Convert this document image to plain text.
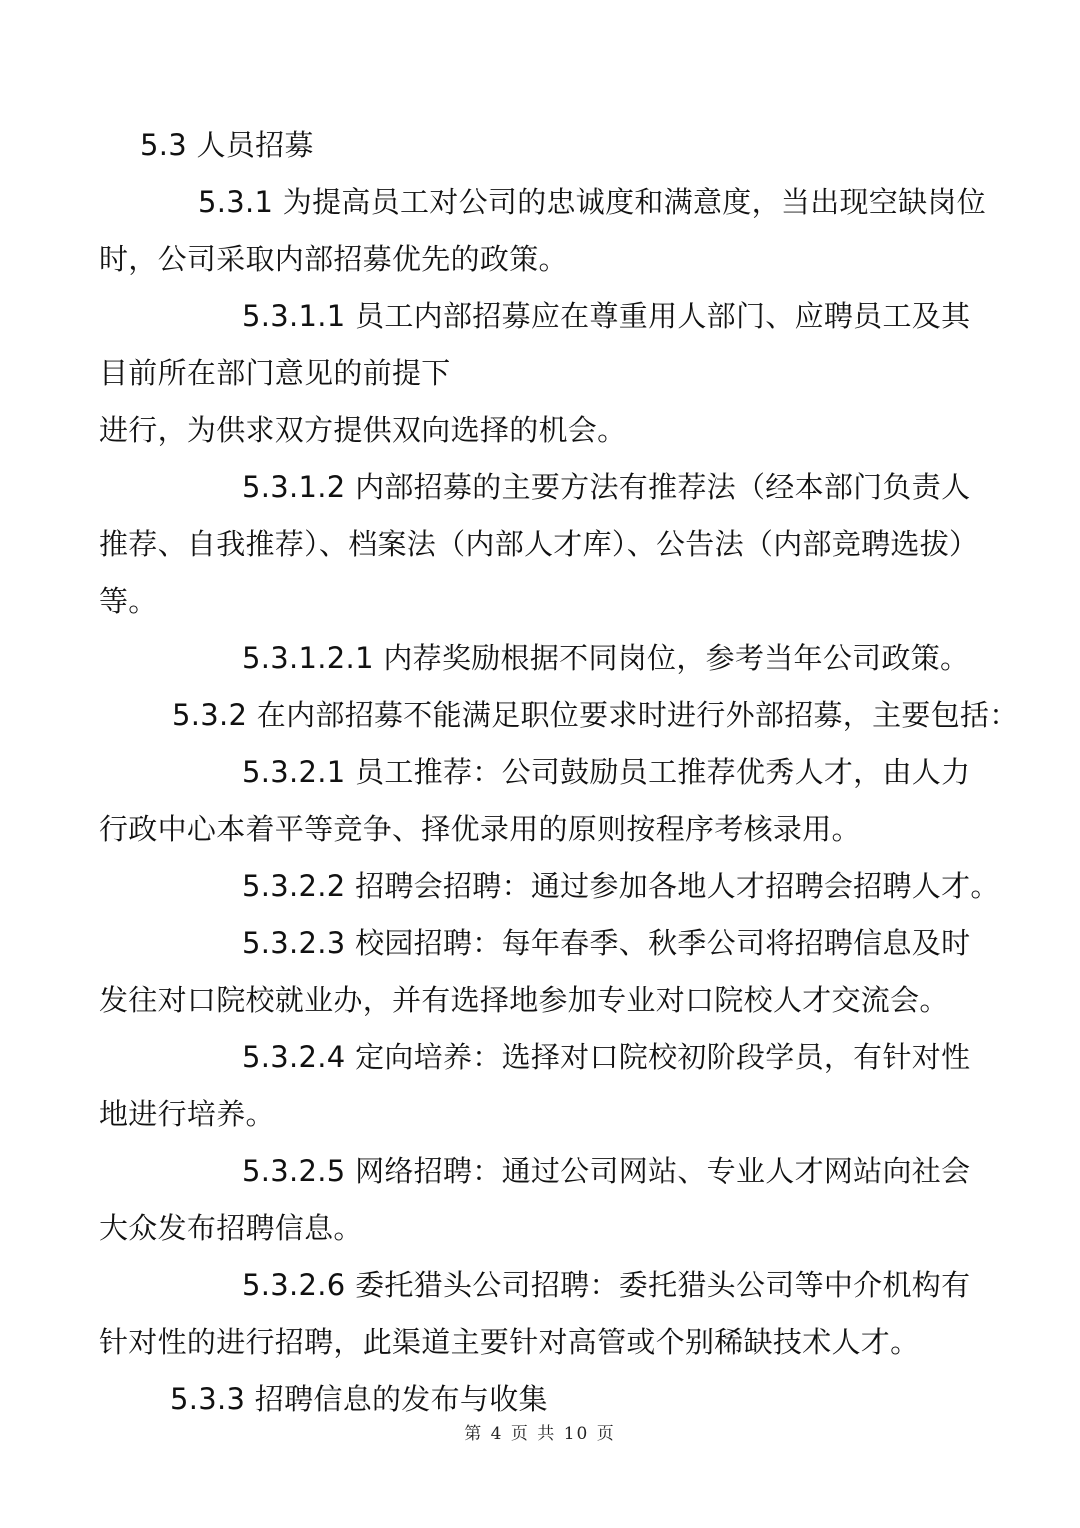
5.3 人员招募
5.3.1 为提高员工对公司的忠诚度和满意度，当出现空缺岗位
时，公司采取内部招募优先的政策。
5.3.1.1 员工内部招募应在尊重用人部门、应聘员工及其
目前所在部门意见的前提下
进行，为供求双方提供双向选择的机会。
5.3.1.2 内部招募的主要方法有推荐法（经本部门负责人
推荐、自我推荐）、档案法（内部人才库）、公告法（内部竞聘选拔）
等。
5.3.1.2.1 内荐奖励根据不同岗位，参考当年公司政策。
5.3.2 在内部招募不能满足职位要求时进行外部招募，主要包括：
5.3.2.1 员工推荐：公司鼓励员工推荐优秀人才，由人力
行政中心本着平等竞争、择优录用的原则按程序考核录用。
5.3.2.2 招聘会招聘：通过参加各地人才招聘会招聘人才。
5.3.2.3 校园招聘：每年春季、秋季公司将招聘信息及时
发往对口院校就业办，并有选择地参加专业对口院校人才交流会。
5.3.2.4 定向培养：选择对口院校初阶段学员，有针对性
地进行培养。
5.3.2.5 网络招聘：通过公司网站、专业人才网站向社会
大众发布招聘信息。
5.3.2.6 委托猎头公司招聘：委托猎头公司等中介机构有
针对性的进行招聘，此渠道主要针对高管或个别稀缺技术人才。
5.3.3 招聘信息的发布与收集
第 4 页 共 10 页
